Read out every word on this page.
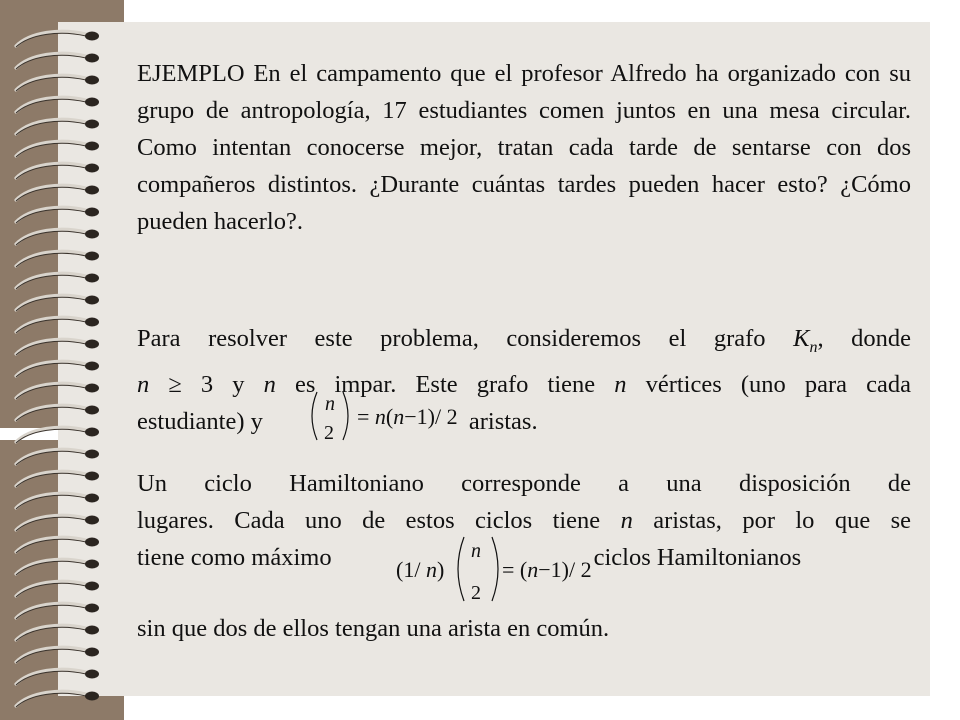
EJEMPLO En el campamento que el profesor Alfredo ha organizado con su grupo de antropología, 17 estudiantes comen juntos en una mesa circular. Como intentan conocerse mejor, tratan cada tarde de sentarse con dos compañeros distintos. ¿Durante cuántas tardes pueden hacer esto? ¿Cómo pueden hacerlo?.

Para resolver este problema, consideremos el grafo $K_n$, donde
n ≥ 3 y n es impar. Este grafo tiene n vértices (uno para cada
estudiante) y	aristas.
n
2
= n(n−1)/ 2
Un ciclo Hamiltoniano corresponde a una disposición de
lugares. Cada uno de estos ciclos tiene n aristas, por lo que se
tiene como máximo	ciclos Hamiltonianos
(1/ n)
n
2
= (n−1)/ 2

sin que dos de ellos tengan una arista en común.
